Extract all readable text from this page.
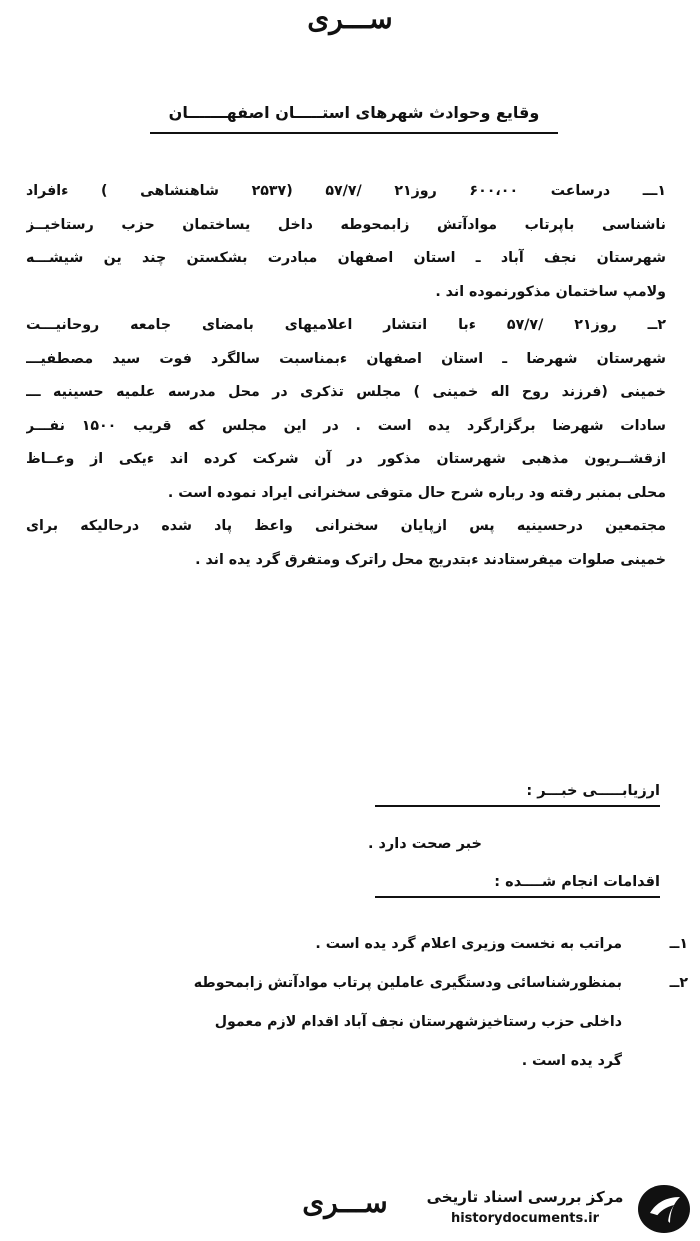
ســـرى
وقایع وحوادث شهرهای استـــــان اصفهـــــــان
۱ـــ درساعت ۶۰۰،۰۰ روز۲۱ /۵۷/۷ (۲۵۳۷ شاهنشاهی ) ءافراد
ناشناسی باپرتاب موادآتش زابمحوطه داخل یساختمان حزب رستاخیــز
شهرستان نجف آباد ـ استان اصفهان مبادرت بشکستن چند ین شیشـــه
ولامپ ساختمان مذکورنموده اند .
۲ــ روز۲۱ /۵۷/۷ ءبا انتشار اعلامیهای بامضای جامعه روحانیـــت
شهرستان شهرضا ـ استان اصفهان ءبمناسبت سالگرد فوت سید مصطفیـــ
خمینی (فرزند روح اله خمینی ) مجلس تذکری در محل مدرسه علمیه حسینیه ـــ
سادات شهرضا برگزارگرد یده است . در این مجلس که قریب ۱۵۰۰ نفـــر
ازقشــریون مذهبی شهرستان مذکور در آن شرکت کرده اند ءیکی از وعــاظ
محلی بمنبر رفته ود رباره شرح حال متوفی سخنرانی ایراد نموده است .
مجتمعین درحسینیه پس ازپایان سخنرانی واعظ پاد شده درحالیکه برای
خمینی صلوات میفرستادند ءبتدریج محل راترک ومتفرق گرد یده اند .
ارزیابـــــی خبـــر :
خبر صحت دارد .
اقدامات انجام شــــده :
۱ــ
مراتب به نخست وزیری اعلام گرد یده است .
۲ــ
بمنظورشناسائی ودستگیری عاملین پرتاب موادآتش زابمحوطه
داخلی حزب رستاخیزشهرستان نجف آباد اقدام لازم معمول
گرد یده است .
ســـرى	مرکز بررسی اسناد تاریخی
historydocuments.ir
